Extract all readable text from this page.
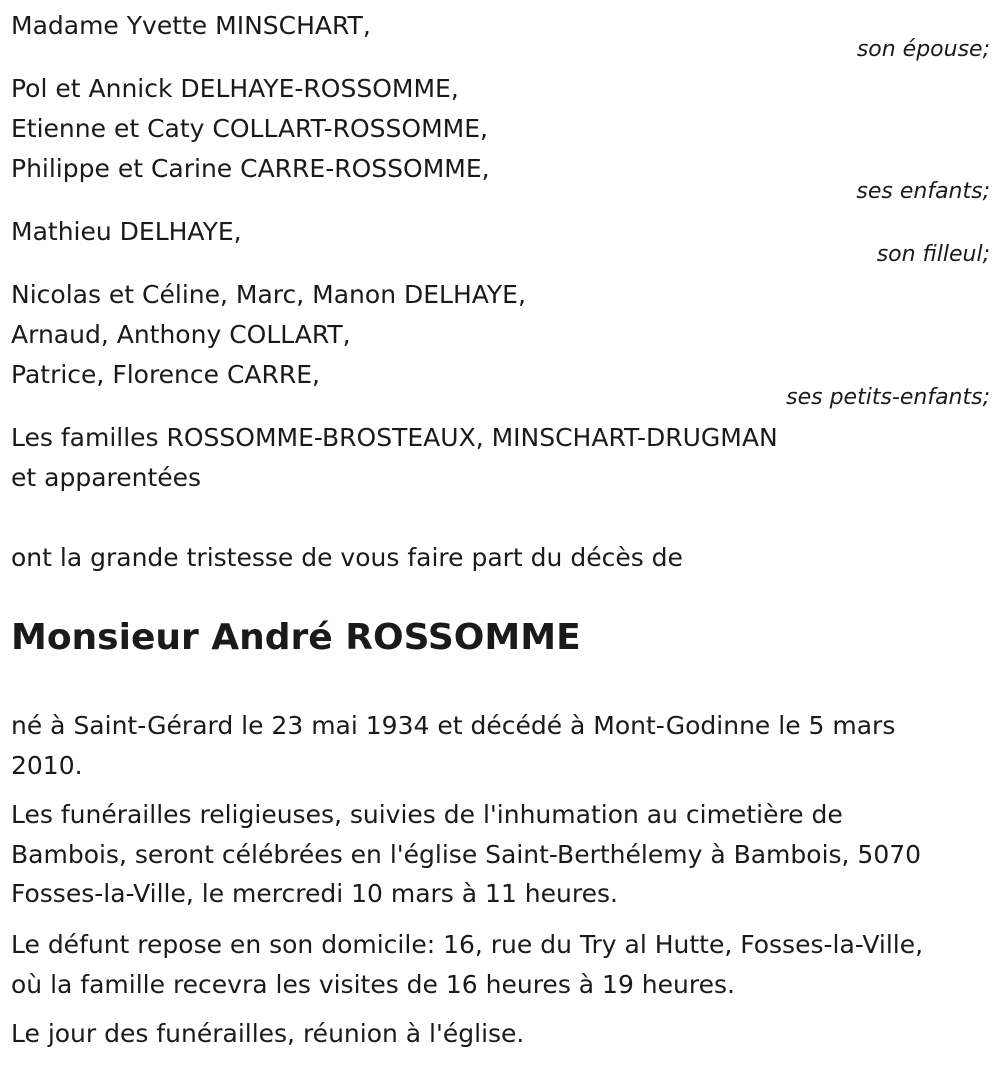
Madame Yvette MINSCHART,
son épouse;
Pol et Annick DELHAYE-ROSSOMME,
Etienne et Caty COLLART-ROSSOMME,
Philippe et Carine CARRE-ROSSOMME,
ses enfants;
Mathieu DELHAYE,
son filleul;
Nicolas et Céline, Marc, Manon DELHAYE,
Arnaud, Anthony COLLART,
Patrice, Florence CARRE,
ses petits-enfants;
Les familles ROSSOMME-BROSTEAUX, MINSCHART-DRUGMAN
et apparentées
ont la grande tristesse de vous faire part du décès de
Monsieur André ROSSOMME
né à Saint-Gérard le 23 mai 1934 et décédé à Mont-Godinne le 5 mars
2010.
Les funérailles religieuses, suivies de l'inhumation au cimetière de
Bambois, seront célébrées en l'église Saint-Berthélemy à Bambois, 5070
Fosses-la-Ville, le mercredi 10 mars à 11 heures.
Le défunt repose en son domicile: 16, rue du Try al Hutte, Fosses-la-Ville,
où la famille recevra les visites de 16 heures à 19 heures.
Le jour des funérailles, réunion à l'église.
